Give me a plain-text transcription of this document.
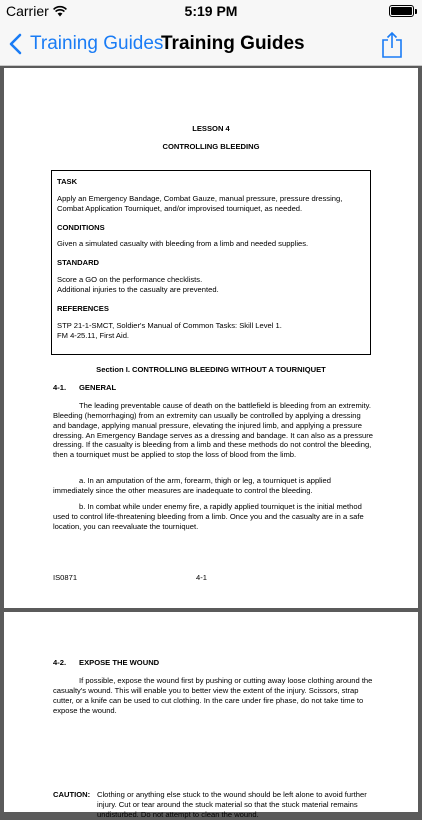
Carrier	5:19 PM
Training Guides
Training Guides
LESSON 4
CONTROLLING BLEEDING
TASK
Apply an Emergency Bandage, Combat Gauze, manual pressure, pressure dressing, Combat Application Tourniquet, and/or improvised tourniquet, as needed.
CONDITIONS
Given a simulated casualty with bleeding from a limb and needed supplies.
STANDARD
Score a GO on the performance checklists.
Additional injuries to the casualty are prevented.
REFERENCES
STP 21-1-SMCT, Soldier's Manual of Common Tasks: Skill Level 1.
FM 4-25.11, First Aid.
Section I. CONTROLLING BLEEDING WITHOUT A TOURNIQUET
4-1. GENERAL
The leading preventable cause of death on the battlefield is bleeding from an extremity. Bleeding (hemorrhaging) from an extremity can usually be controlled by applying a dressing and bandage, applying manual pressure, elevating the injured limb, and applying a pressure dressing. An Emergency Bandage serves as a dressing and bandage. It can also as a pressure dressing. If the casualty is bleeding from a limb and these methods do not control the bleeding, then a tourniquet must be applied to stop the loss of blood from the limb.
a. In an amputation of the arm, forearm, thigh or leg, a tourniquet is applied immediately since the other measures are inadequate to control the bleeding.
b. In combat while under enemy fire, a rapidly applied tourniquet is the initial method used to control life-threatening bleeding from a limb. Once you and the casualty are in a safe location, you can reevaluate the tourniquet.
IS0871	4-1
4-2. EXPOSE THE WOUND
If possible, expose the wound first by pushing or cutting away loose clothing around the casualty's wound. This will enable you to better view the extent of the injury. Scissors, strap cutter, or a knife can be used to cut clothing. In the care under fire phase, do not take time to expose the wound.
CAUTION: Clothing or anything else stuck to the wound should be left alone to avoid further injury. Cut or tear around the stuck material so that the stuck material remains undisturbed. Do not attempt to clean the wound.
